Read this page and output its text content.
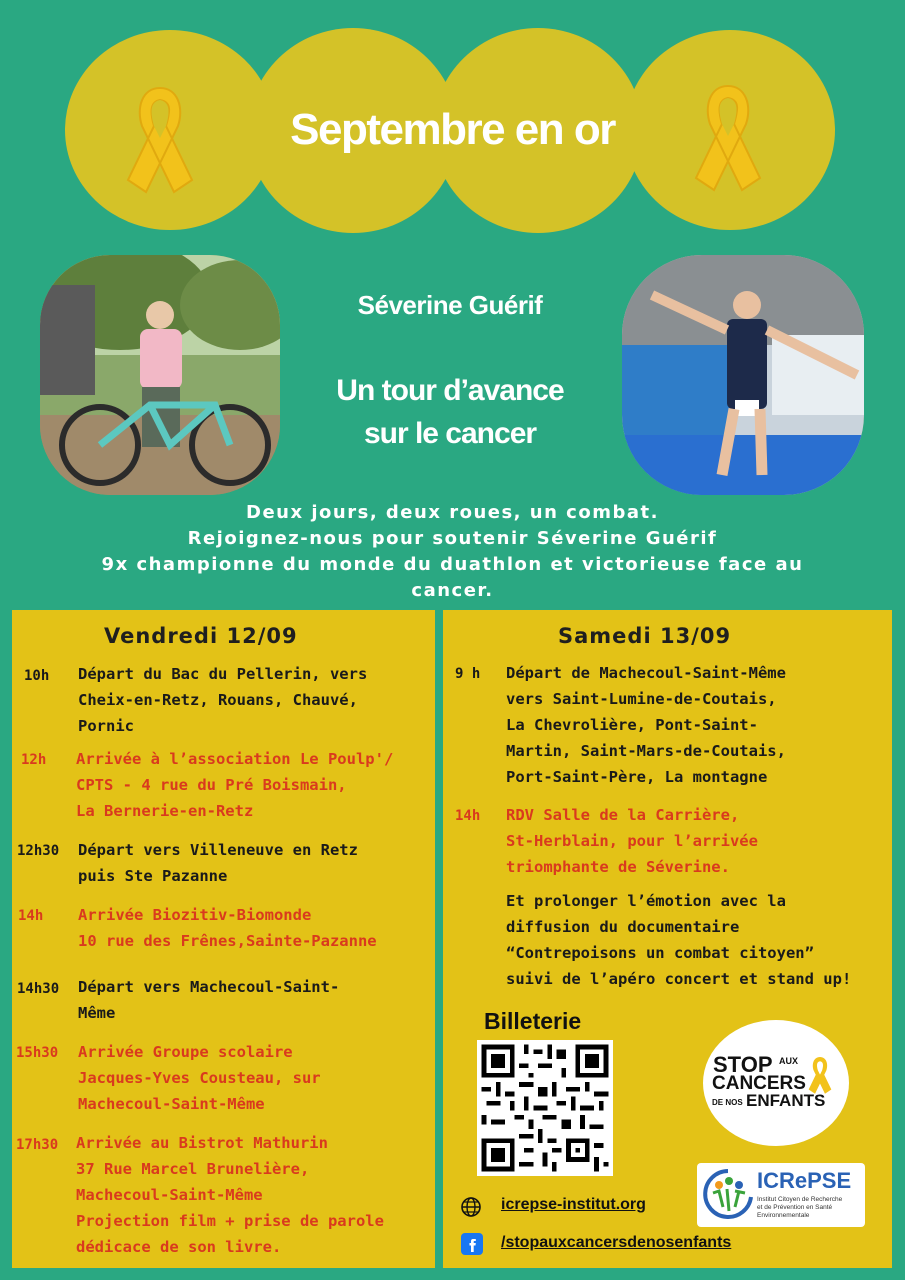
Septembre en or
Séverine Guérif
Un tour d’avance
sur le cancer
Deux jours, deux roues, un combat.
Rejoignez-nous pour soutenir Séverine Guérif
9x championne du monde du duathlon et victorieuse face au
cancer.
Vendredi 12/09
10h Départ du Bac du Pellerin, vers
Cheix-en-Retz, Rouans, Chauvé,
Pornic
12h Arrivée à l’association Le Poulp'/
CPTS - 4 rue du Pré Boismain,
La Bernerie-en-Retz
12h30 Départ vers Villeneuve en Retz
puis Ste Pazanne
14h Arrivée Biozitiv-Biomonde
10 rue des Frênes,Sainte-Pazanne
14h30 Départ vers Machecoul-Saint-
Même
15h30 Arrivée Groupe scolaire
Jacques-Yves Cousteau, sur
Machecoul-Saint-Même
17h30 Arrivée au Bistrot Mathurin
37 Rue Marcel Brunelière,
Machecoul-Saint-Même
Projection film + prise de parole
dédicace de son livre.
Samedi 13/09
9 h Départ de Machecoul-Saint-Même
vers Saint-Lumine-de-Coutais,
La Chevrolière, Pont-Saint-
Martin, Saint-Mars-de-Coutais,
Port-Saint-Père, La montagne
14h RDV Salle de la Carrière,
St-Herblain, pour l’arrivée
triomphante de Séverine.
Et prolonger l’émotion avec la
diffusion du documentaire
“Contrepoisons un combat citoyen”
suivi de l’apéro concert et stand up!
Billeterie
STOP AUX
CANCERS
DE NOS ENFANTS
ICRePSE
Institut Citoyen de Recherche
et de Prévention en Santé
Environnementale
icrepse-institut.org
/stopauxcancersdenosenfants
